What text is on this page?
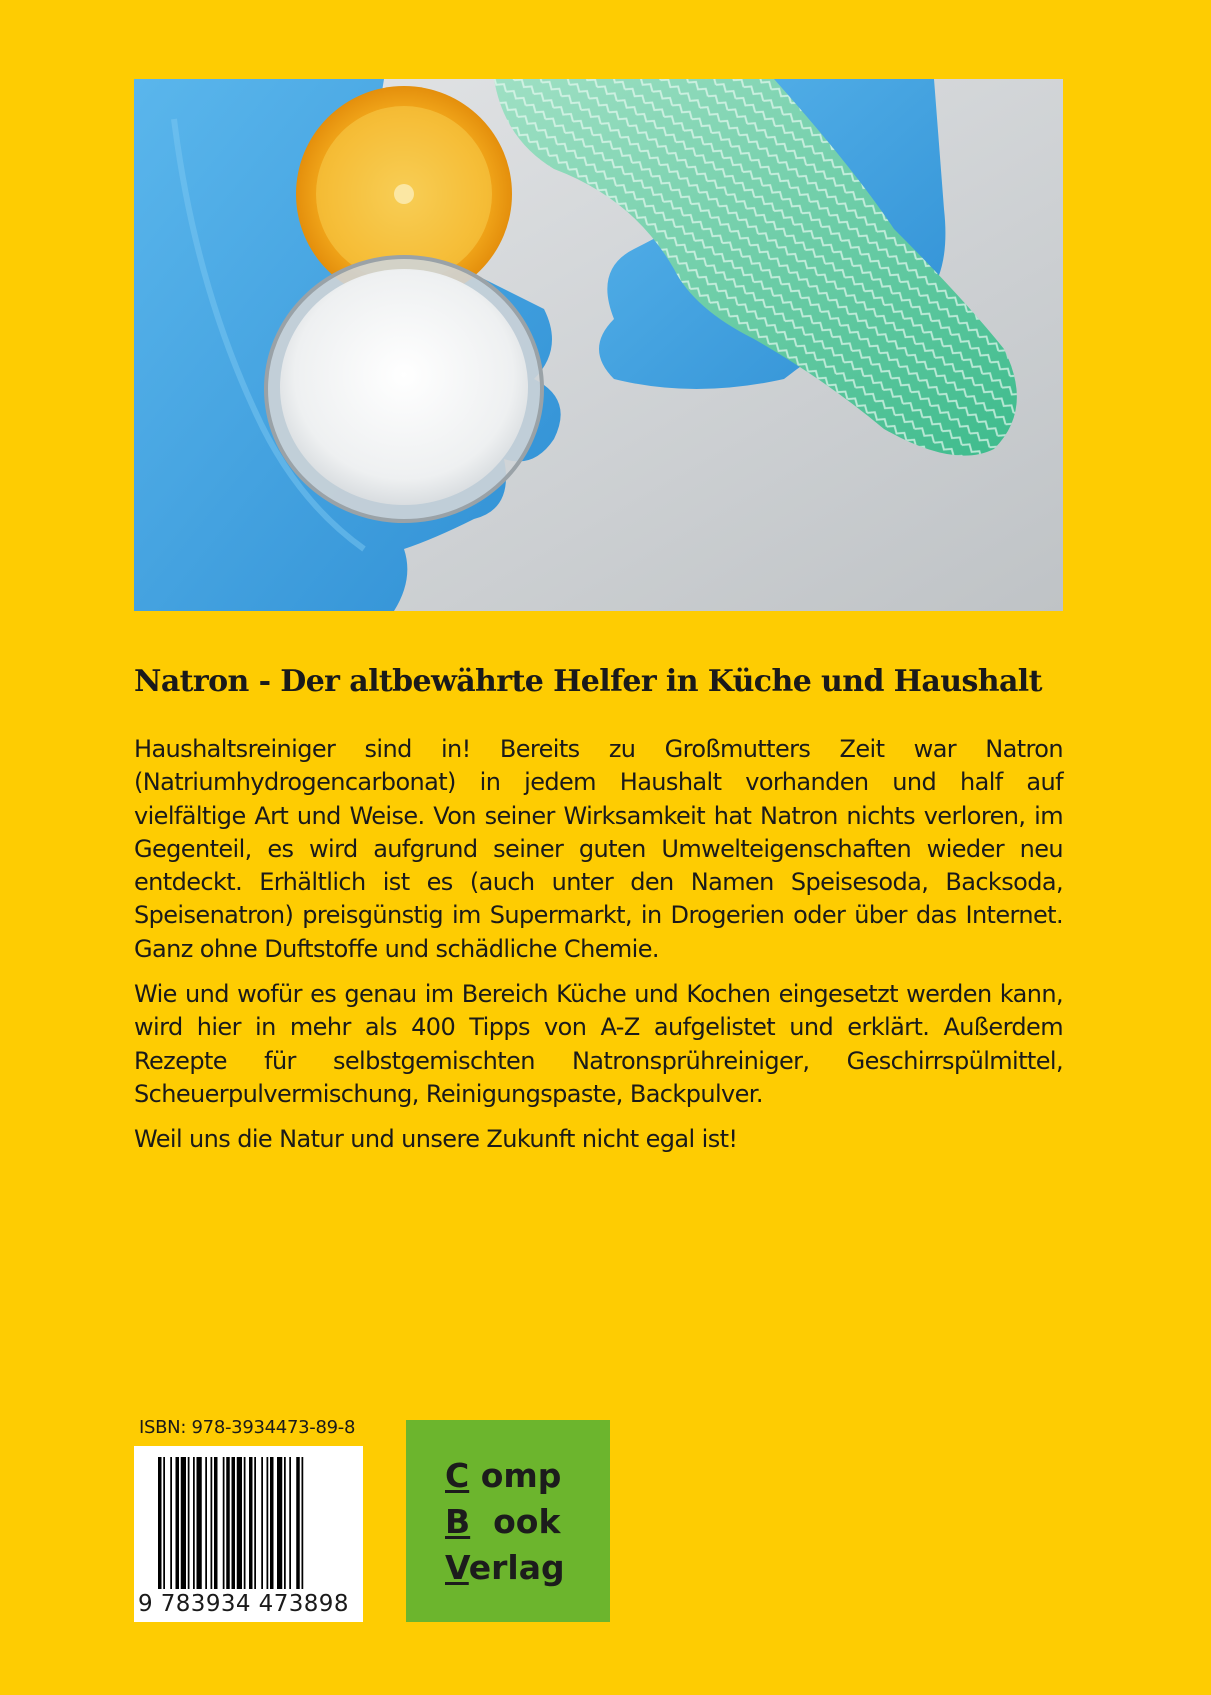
Natron - Der altbewährte Helfer in Küche und Haushalt

Haushaltsreiniger sind in! Bereits zu Großmutters Zeit war Natron (Natriumhydrogencarbonat) in jedem Haushalt vorhanden und half auf vielfältige Art und Weise. Von seiner Wirksamkeit hat Natron nichts verloren, im Gegenteil, es wird aufgrund seiner guten Umwelteigenschaften wieder neu entdeckt. Erhältlich ist es (auch unter den Namen Speisesoda, Backsoda, Speisenatron) preisgünstig im Supermarkt, in Drogerien oder über das Internet. Ganz ohne Duftstoffe und schädliche Chemie.

Wie und wofür es genau im Bereich Küche und Kochen eingesetzt werden kann, wird hier in mehr als 400 Tipps von A-Z aufgelistet und erklärt. Außerdem Rezepte für selbstgemischten Natronsprühreiniger, Geschirrspülmittel, Scheuerpulvermischung, Reinigungspaste, Backpulver.

Weil uns die Natur und unsere Zukunft nicht egal ist!

ISBN: 978-3934473-89-8
9 783934 473898
C omp
B  ook
Verlag
